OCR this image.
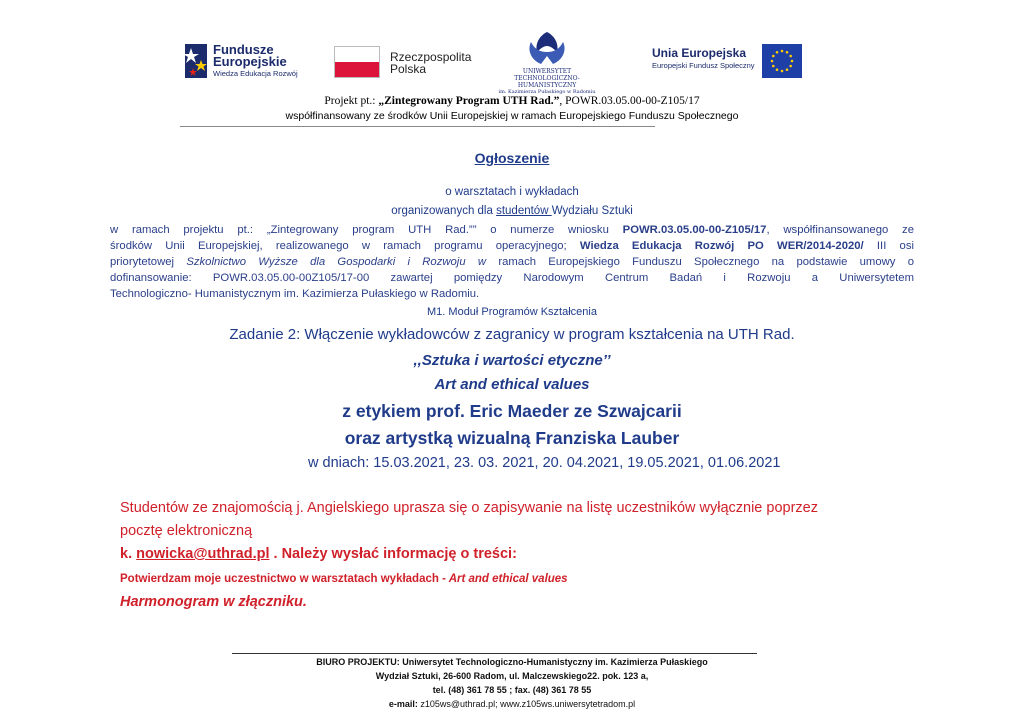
Fundusze
Europejskie
Wiedza Edukacja Rozwój
Rzeczpospolita
Polska	UNIWERSYTET
TECHNOLOGICZNO-HUMANISTYCZNY
im. Kazimierza Pułaskiego w Radomiu
Unia Europejska
Europejski Fundusz Społeczny
Projekt pt.: „Zintegrowany Program UTH Rad.”, POWR.03.05.00-00-Z105/17
współfinansowany ze środków Unii Europejskiej w ramach Europejskiego Funduszu Społecznego
Ogłoszenie
o warsztatach i wykładach
organizowanych dla studentów Wydziału Sztuki
w ramach projektu pt.: „Zintegrowany program UTH Rad.”” o numerze wniosku POWR.03.05.00-00-Z105/17, współfinansowanego ze
środków Unii Europejskiej, realizowanego w ramach programu operacyjnego; Wiedza Edukacja Rozwój PO WER/2014-2020/ III osi
priorytetowej Szkolnictwo Wyższe dla Gospodarki i Rozwoju w ramach Europejskiego Funduszu Społecznego na podstawie umowy o
dofinansowanie: POWR.03.05.00-00Z105/17-00 zawartej pomiędzy Narodowym Centrum Badań i Rozwoju a Uniwersytetem
Technologiczno- Humanistycznym im. Kazimierza Pułaskiego w Radomiu.
M1. Moduł Programów Kształcenia
Zadanie 2: Włączenie wykładowców z zagranicy w program kształcenia na UTH Rad.
,,Sztuka i wartości etyczne’’
Art and ethical values
z etykiem prof. Eric Maeder ze Szwajcarii
oraz artystką wizualną Franziska Lauber
w dniach: 15.03.2021, 23. 03. 2021, 20. 04.2021, 19.05.2021, 01.06.2021
Studentów ze znajomością j. Angielskiego uprasza się o zapisywanie na listę uczestników wyłącznie poprzez
pocztę elektroniczną
k. nowicka@uthrad.pl . Należy wysłać informację o treści:
Potwierdzam moje uczestnictwo w warsztatach wykładach - Art and ethical values
Harmonogram w złączniku.
BIURO PROJEKTU: Uniwersytet Technologiczno-Humanistyczny im. Kazimierza Pułaskiego
Wydział Sztuki, 26-600 Radom, ul. Malczewskiego22. pok. 123 a,
tel. (48) 361 78 55 ; fax. (48) 361 78 55
e-mail: z105ws@uthrad.pl; www.z105ws.uniwersytetradom.pl
